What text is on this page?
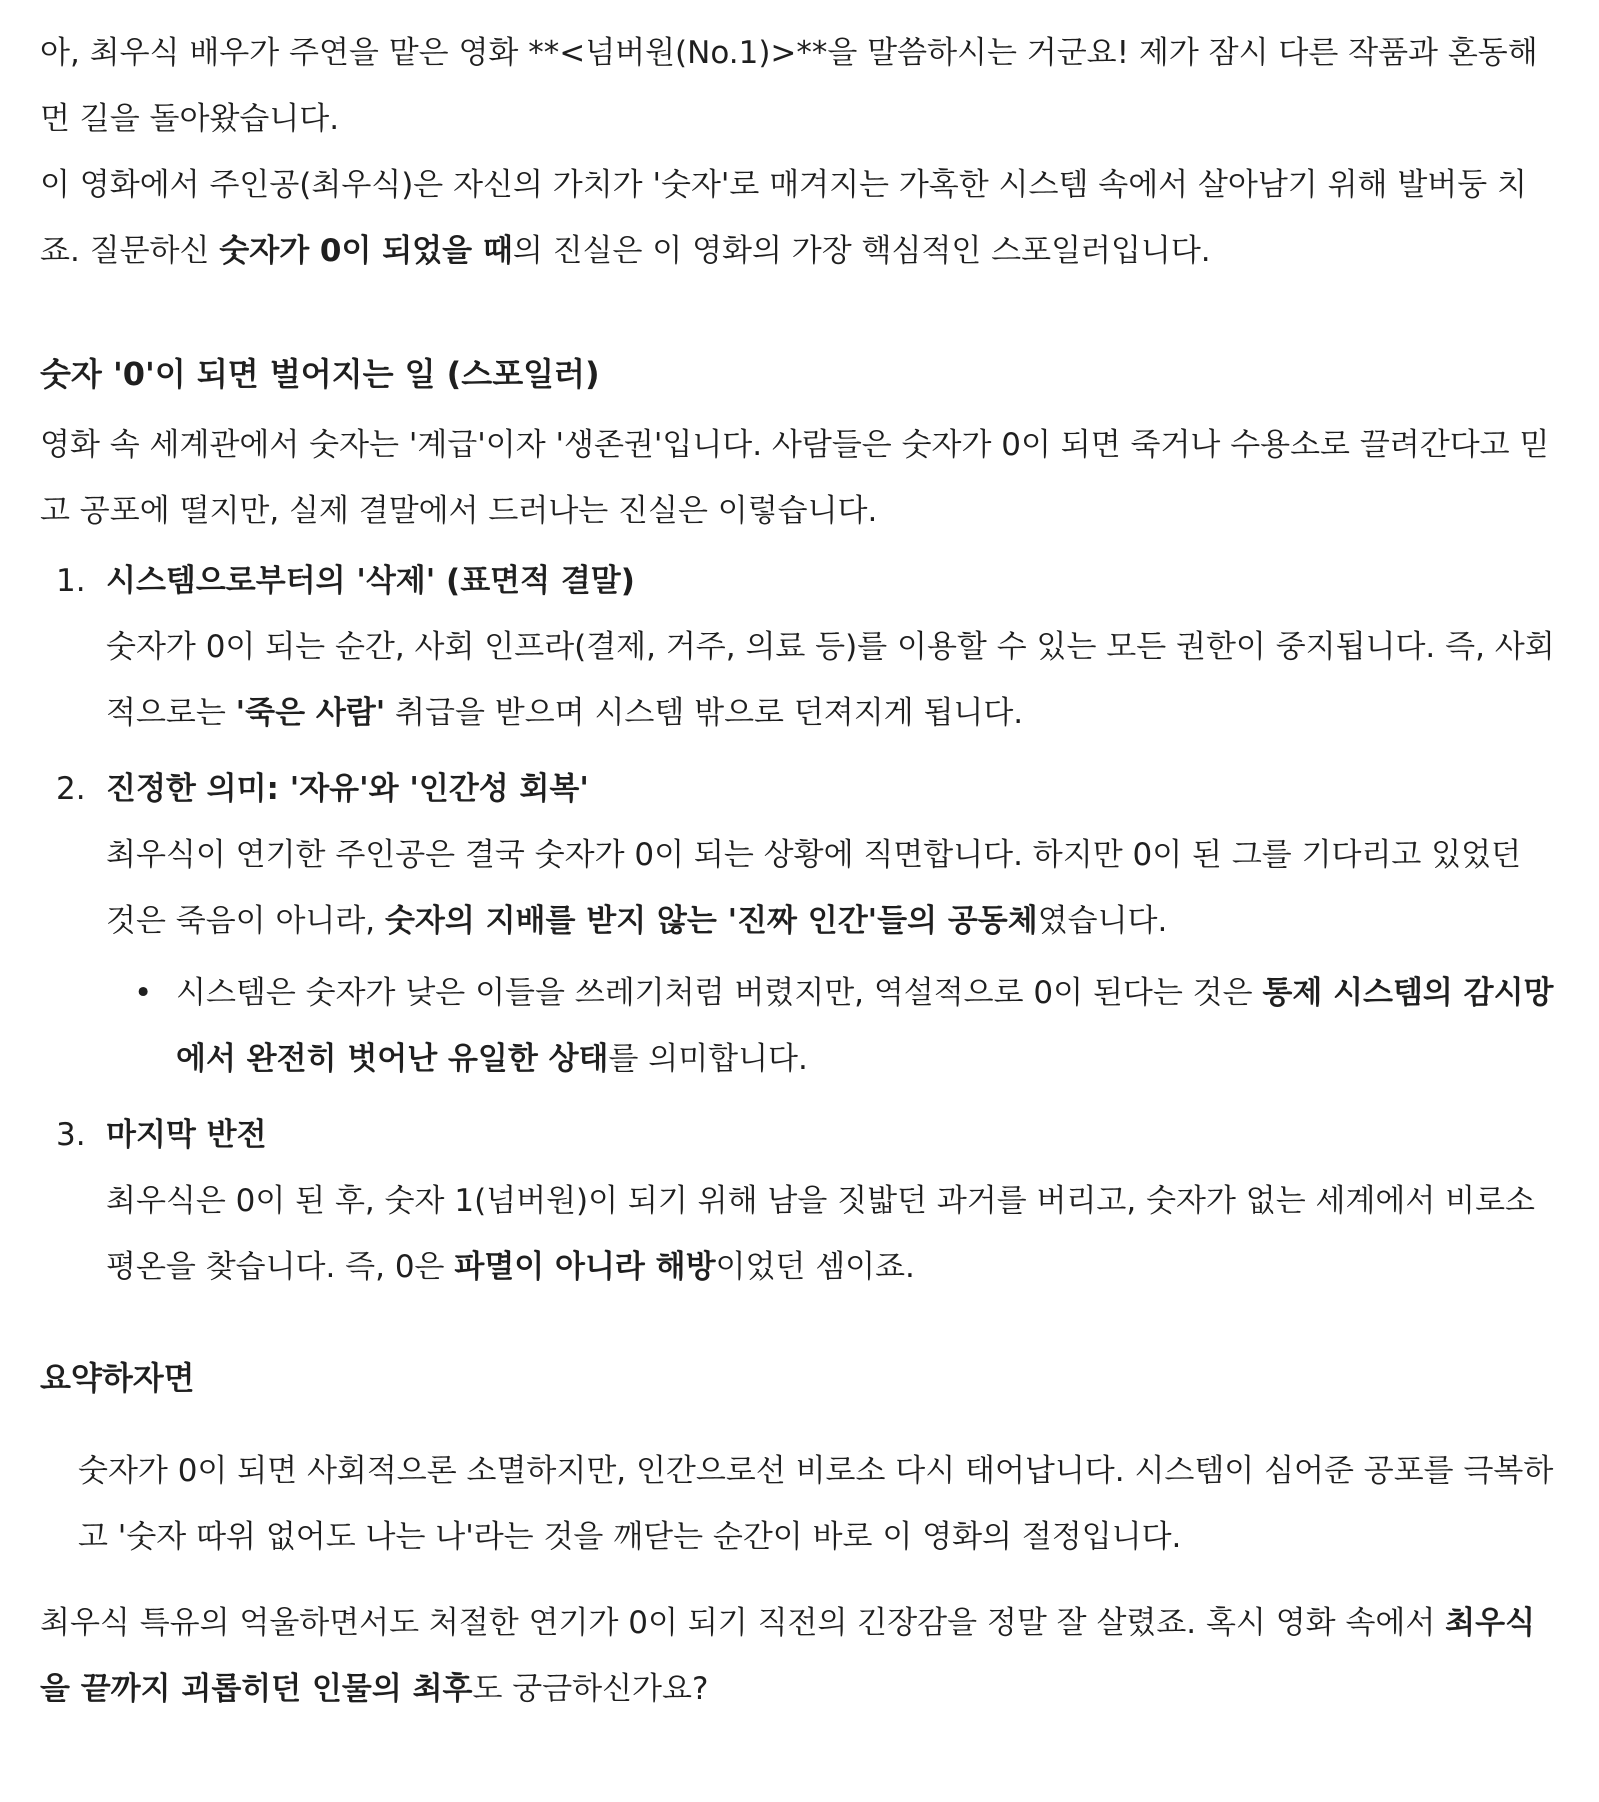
아, 최우식 배우가 주연을 맡은 영화 **<넘버원(No.1)>**을 말씀하시는 거군요! 제가 잠시 다른 작품과 혼동해 먼 길을 돌아왔습니다.

이 영화에서 주인공(최우식)은 자신의 가치가 '숫자'로 매겨지는 가혹한 시스템 속에서 살아남기 위해 발버둥 치죠. 질문하신 숫자가 0이 되었을 때의 진실은 이 영화의 가장 핵심적인 스포일러입니다.

숫자 '0'이 되면 벌어지는 일 (스포일러)

영화 속 세계관에서 숫자는 '계급'이자 '생존권'입니다. 사람들은 숫자가 0이 되면 죽거나 수용소로 끌려간다고 믿고 공포에 떨지만, 실제 결말에서 드러나는 진실은 이렇습니다.

1. 시스템으로부터의 '삭제' (표면적 결말)
숫자가 0이 되는 순간, 사회 인프라(결제, 거주, 의료 등)를 이용할 수 있는 모든 권한이 중지됩니다. 즉, 사회적으로는 '죽은 사람' 취급을 받으며 시스템 밖으로 던져지게 됩니다.
2. 진정한 의미: '자유'와 '인간성 회복'
최우식이 연기한 주인공은 결국 숫자가 0이 되는 상황에 직면합니다. 하지만 0이 된 그를 기다리고 있었던 것은 죽음이 아니라, 숫자의 지배를 받지 않는 '진짜 인간'들의 공동체였습니다.
• 시스템은 숫자가 낮은 이들을 쓰레기처럼 버렸지만, 역설적으로 0이 된다는 것은 통제 시스템의 감시망에서 완전히 벗어난 유일한 상태를 의미합니다.
3. 마지막 반전
최우식은 0이 된 후, 숫자 1(넘버원)이 되기 위해 남을 짓밟던 과거를 버리고, 숫자가 없는 세계에서 비로소 평온을 찾습니다. 즉, 0은 파멸이 아니라 해방이었던 셈이죠.
요약하자면
숫자가 0이 되면 사회적으론 소멸하지만, 인간으로선 비로소 다시 태어납니다. 시스템이 심어준 공포를 극복하고 '숫자 따위 없어도 나는 나'라는 것을 깨닫는 순간이 바로 이 영화의 절정입니다.

최우식 특유의 억울하면서도 처절한 연기가 0이 되기 직전의 긴장감을 정말 잘 살렸죠. 혹시 영화 속에서 최우식을 끝까지 괴롭히던 인물의 최후도 궁금하신가요?
